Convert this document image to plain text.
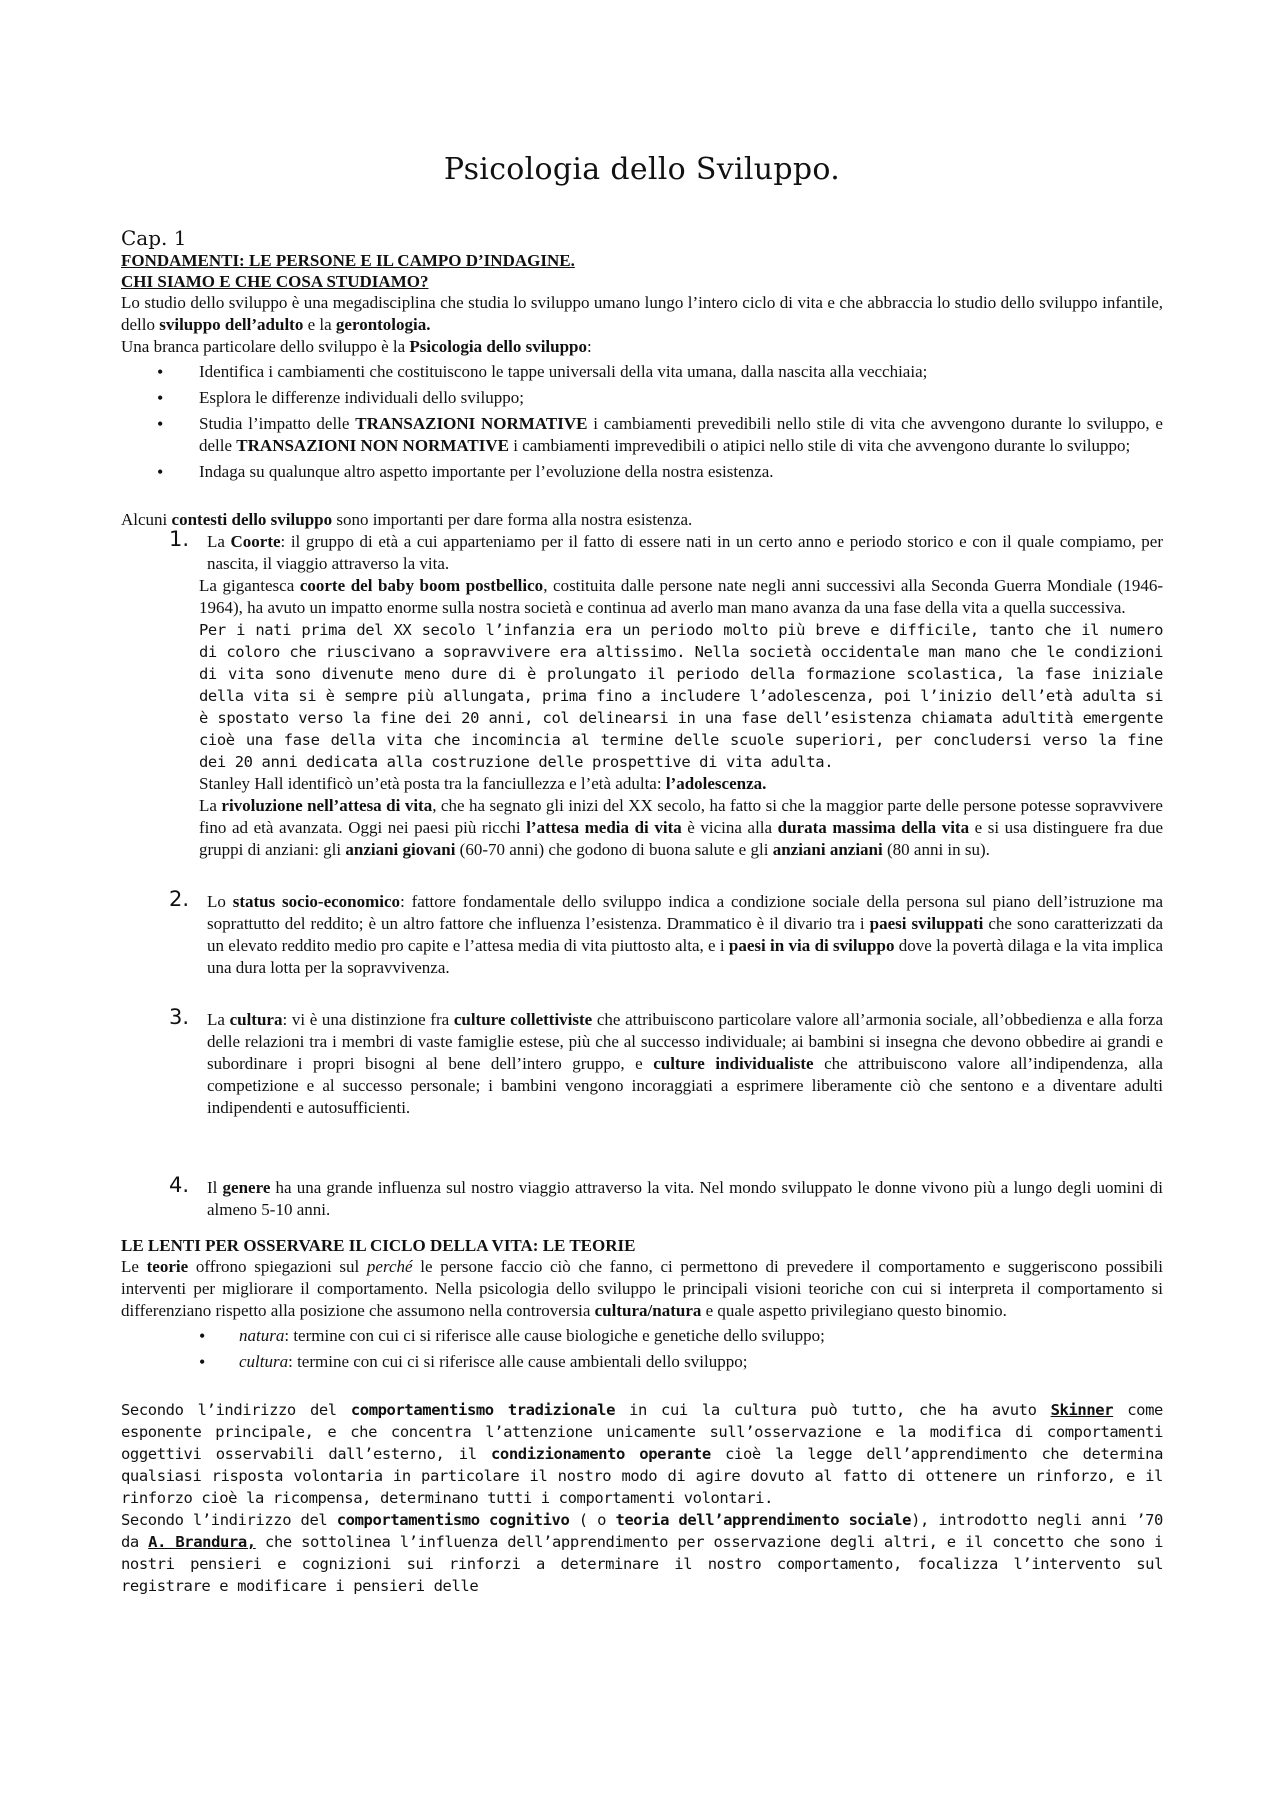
Psicologia dello Sviluppo.
Cap. 1
FONDAMENTI: LE PERSONE E IL CAMPO D’INDAGINE.
CHI SIAMO E CHE COSA STUDIAMO?

Lo studio dello sviluppo è una megadisciplina che studia lo sviluppo umano lungo l’intero ciclo di vita e che abbraccia lo studio dello sviluppo infantile, dello sviluppo dell’adulto e la gerontologia.

Una branca particolare dello sviluppo è la Psicologia dello sviluppo:

• Identifica i cambiamenti che costituiscono le tappe universali della vita umana, dalla nascita alla vecchiaia;
• Esplora le differenze individuali dello sviluppo;
• Studia l’impatto delle TRANSAZIONI NORMATIVE i cambiamenti prevedibili nello stile di vita che avvengono durante lo sviluppo, e delle TRANSAZIONI NON NORMATIVE i cambiamenti imprevedibili o atipici nello stile di vita che avvengono durante lo sviluppo;
• Indaga su qualunque altro aspetto importante per l’evoluzione della nostra esistenza.

Alcuni contesti dello sviluppo sono importanti per dare forma alla nostra esistenza.

1. La Coorte: il gruppo di età a cui apparteniamo per il fatto di essere nati in un certo anno e periodo storico e con il quale compiamo, per nascita, il viaggio attraverso la vita.

La gigantesca coorte del baby boom postbellico, costituita dalle persone nate negli anni successivi alla Seconda Guerra Mondiale (1946-1964), ha avuto un impatto enorme sulla nostra società e continua ad averlo man mano avanza da una fase della vita a quella successiva.

Per i nati prima del XX secolo l’infanzia era un periodo molto più breve e difficile, tanto che il numero di coloro che riuscivano a sopravvivere era altissimo. Nella società occidentale man mano che le condizioni di vita sono divenute meno dure di è prolungato il periodo della formazione scolastica, la fase iniziale della vita si è sempre più allungata, prima fino a includere l’adolescenza, poi l’inizio dell’età adulta si è spostato verso la fine dei 20 anni, col delinearsi in una fase dell’esistenza chiamata adultità emergente cioè una fase della vita che incomincia al termine delle scuole superiori, per concludersi verso la fine dei 20 anni dedicata alla costruzione delle prospettive di vita adulta.

Stanley Hall identificò un’età posta tra la fanciullezza e l’età adulta: l’adolescenza.

La rivoluzione nell’attesa di vita, che ha segnato gli inizi del XX secolo, ha fatto si che la maggior parte delle persone potesse sopravvivere fino ad età avanzata. Oggi nei paesi più ricchi l’attesa media di vita è vicina alla durata massima della vita e si usa distinguere fra due gruppi di anziani: gli anziani giovani (60-70 anni) che godono di buona salute e gli anziani anziani (80 anni in su).

2. Lo status socio-economico: fattore fondamentale dello sviluppo indica a condizione sociale della persona sul piano dell’istruzione ma soprattutto del reddito; è un altro fattore che influenza l’esistenza. Drammatico è il divario tra i paesi sviluppati che sono caratterizzati da un elevato reddito medio pro capite e l’attesa media di vita piuttosto alta, e i paesi in via di sviluppo dove la povertà dilaga e la vita implica una dura lotta per la sopravvivenza.
3. La cultura: vi è una distinzione fra culture collettiviste che attribuiscono particolare valore all’armonia sociale, all’obbedienza e alla forza delle relazioni tra i membri di vaste famiglie estese, più che al successo individuale; ai bambini si insegna che devono obbedire ai grandi e subordinare i propri bisogni al bene dell’intero gruppo, e culture individualiste che attribuiscono valore all’indipendenza, alla competizione e al successo personale; i bambini vengono incoraggiati a esprimere liberamente ciò che sentono e a diventare adulti indipendenti e autosufficienti.
4. Il genere ha una grande influenza sul nostro viaggio attraverso la vita. Nel mondo sviluppato le donne vivono più a lungo degli uomini di almeno 5-10 anni.
LE LENTI PER OSSERVARE IL CICLO DELLA VITA: LE TEORIE

Le teorie offrono spiegazioni sul perché le persone faccio ciò che fanno, ci permettono di prevedere il comportamento e suggeriscono possibili interventi per migliorare il comportamento. Nella psicologia dello sviluppo le principali visioni teoriche con cui si interpreta il comportamento si differenziano rispetto alla posizione che assumono nella controversia cultura/natura e quale aspetto privilegiano questo binomio.

• natura: termine con cui ci si riferisce alle cause biologiche e genetiche dello sviluppo;
• cultura: termine con cui ci si riferisce alle cause ambientali dello sviluppo;

Secondo l’indirizzo del comportamentismo tradizionale in cui la cultura può tutto, che ha avuto Skinner come esponente principale, e che concentra l’attenzione unicamente sull’osservazione e la modifica di comportamenti oggettivi osservabili dall’esterno, il condizionamento operante cioè la legge dell’apprendimento che determina qualsiasi risposta volontaria in particolare il nostro modo di agire dovuto al fatto di ottenere un rinforzo, e il rinforzo cioè la ricompensa, determinano tutti i comportamenti volontari.

Secondo l’indirizzo del comportamentismo cognitivo ( o teoria dell’apprendimento sociale), introdotto negli anni ’70 da A. Brandura, che sottolinea l’influenza dell’apprendimento per osservazione degli altri, e il concetto che sono i nostri pensieri e cognizioni sui rinforzi a determinare il nostro comportamento, focalizza l’intervento sul registrare e modificare i pensieri delle
